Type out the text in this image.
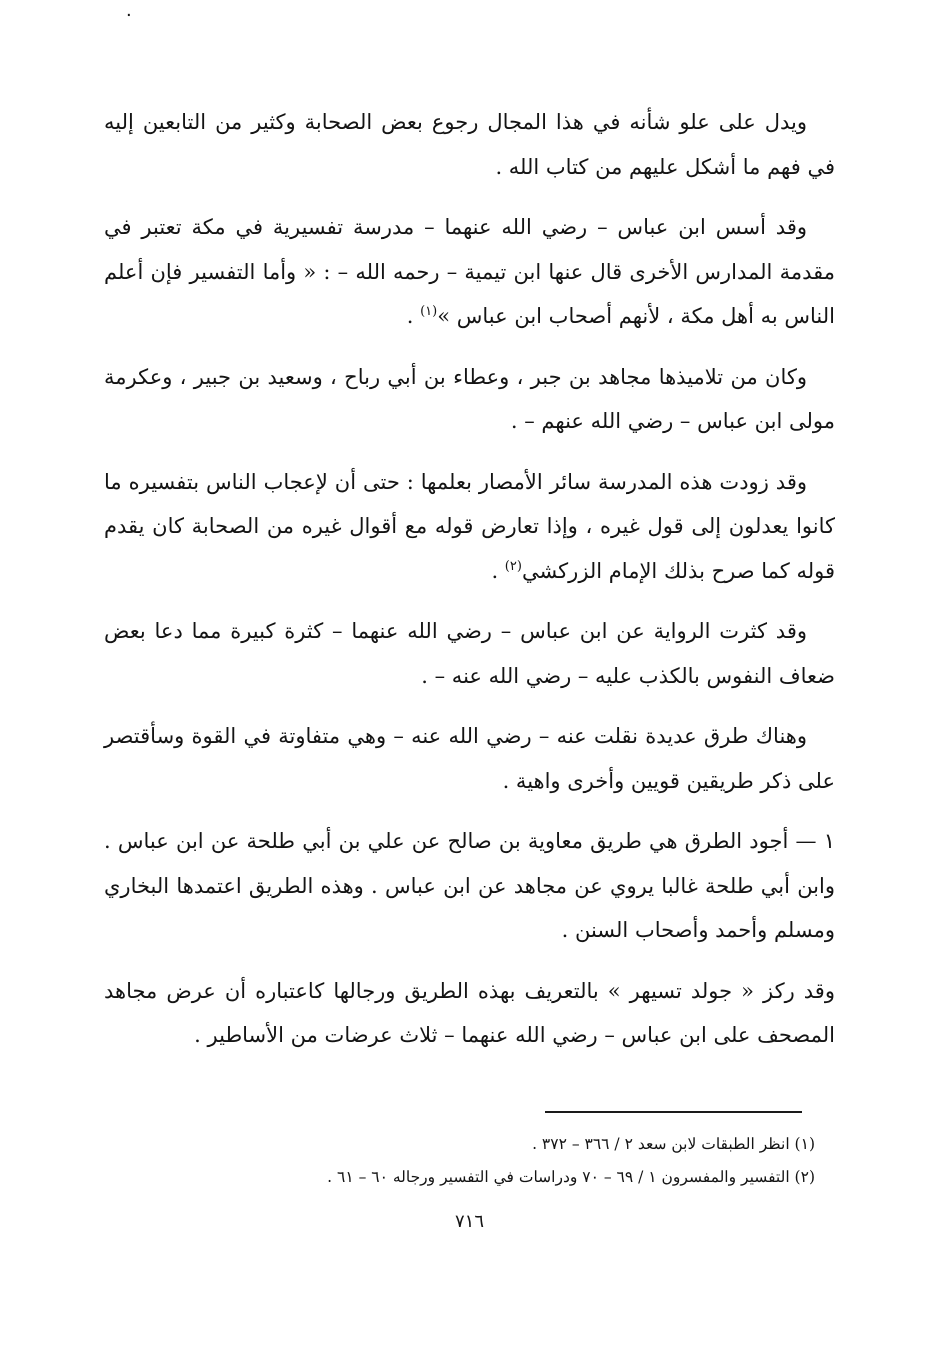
٠

ويدل على علو شأنه في هذا المجال رجوع بعض الصحابة وكثير من التابعين إليه في فهم ما أشكل عليهم من كتاب الله .

وقد أسس ابن عباس – رضي الله عنهما – مدرسة تفسيرية في مكة تعتبر في مقدمة المدارس الأخرى قال عنها ابن تيمية – رحمه الله – : « وأما التفسير فإن أعلم الناس به أهل مكة ، لأنهم أصحاب ابن عباس »$^{(١)}$ .

وكان من تلاميذها مجاهد بن جبر ، وعطاء بن أبي رباح ، وسعيد بن جبير ، وعكرمة مولى ابن عباس – رضي الله عنهم – .

وقد زودت هذه المدرسة سائر الأمصار بعلمها : حتى أن لإعجاب الناس بتفسيره ما كانوا يعدلون إلى قول غيره ، وإذا تعارض قوله مع أقوال غيره من الصحابة كان يقدم قوله كما صرح بذلك الإمام الزركشي$^{(٢)}$ .

وقد كثرت الرواية عن ابن عباس – رضي الله عنهما – كثرة كبيرة مما دعا بعض ضعاف النفوس بالكذب عليه – رضي الله عنه – .

وهناك طرق عديدة نقلت عنه – رضي الله عنه – وهي متفاوتة في القوة وسأقتصر على ذكر طريقين قويين وأخرى واهية .

١ — أجود الطرق هي طريق معاوية بن صالح عن علي بن أبي طلحة عن ابن عباس . وابن أبي طلحة غالبا يروي عن مجاهد عن ابن عباس . وهذه الطريق اعتمدها البخاري ومسلم وأحمد وأصحاب السنن .

وقد ركز « جولد تسيهر » بالتعريف بهذه الطريق ورجالها كاعتباره أن عرض مجاهد المصحف على ابن عباس – رضي الله عنهما – ثلاث عرضات من الأساطير .

(١) انظر الطبقات لابن سعد ٢ / ٣٦٦ – ٣٧٢ .

(٢) التفسير والمفسرون ١ / ٦٩ – ٧٠ ودراسات في التفسير ورجاله ٦٠ – ٦١ .

٧١٦
